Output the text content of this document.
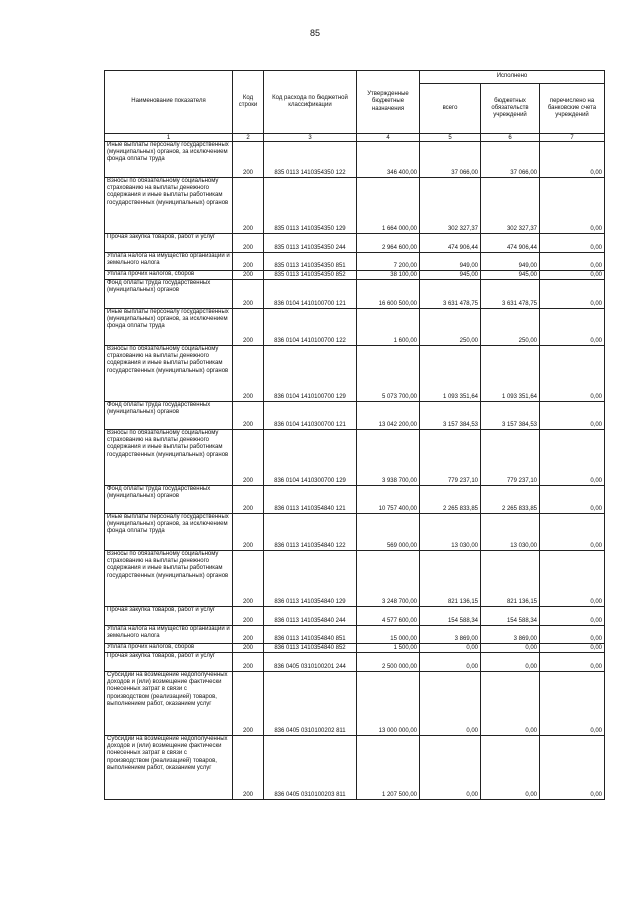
85
Наименование показателя	Код строки	Код расхода по бюджетной классификации	Утвержденные бюджетные назначения	Исполнено		
				всего	бюджетных обязательств учреждений	перечислено на банковские счета учреждений
1	2	3	4	5	6	7
Иные выплаты персоналу государственных (муниципальных) органов, за исключением фонда оплаты труда	200	835 0113 1410354350 122	346 400,00	37 066,00	37 066,00	0,00
Взносы по обязательному социальному страхованию на выплаты денежного содержания и иные выплаты работникам государственных (муниципальных) органов	200	835 0113 1410354350 129	1 664 000,00	302 327,37	302 327,37	0,00
Прочая закупка товаров, работ и услуг	200	835 0113 1410354350 244	2 964 600,00	474 906,44	474 906,44	0,00
Уплата налога на имущество организаций и земельного налога	200	835 0113 1410354350 851	7 200,00	949,00	949,00	0,00
Уплата прочих налогов, сборов	200	835 0113 1410354350 852	38 100,00	945,00	945,00	0,00
Фонд оплаты труда государственных (муниципальных) органов	200	836 0104 1410100700 121	16 600 500,00	3 631 478,75	3 631 478,75	0,00
Иные выплаты персоналу государственных (муниципальных) органов, за исключением фонда оплаты труда	200	836 0104 1410100700 122	1 600,00	250,00	250,00	0,00
Взносы по обязательному социальному страхованию на выплаты денежного содержания и иные выплаты работникам государственных (муниципальных) органов	200	836 0104 1410100700 129	5 073 700,00	1 093 351,64	1 093 351,64	0,00
Фонд оплаты труда государственных (муниципальных) органов	200	836 0104 1410300700 121	13 042 200,00	3 157 384,53	3 157 384,53	0,00
Взносы по обязательному социальному страхованию на выплаты денежного содержания и иные выплаты работникам государственных (муниципальных) органов	200	836 0104 1410300700 129	3 938 700,00	779 237,10	779 237,10	0,00
Фонд оплаты труда государственных (муниципальных) органов	200	836 0113 1410354840 121	10 757 400,00	2 265 833,85	2 265 833,85	0,00
Иные выплаты персоналу государственных (муниципальных) органов, за исключением фонда оплаты труда	200	836 0113 1410354840 122	569 000,00	13 030,00	13 030,00	0,00
Взносы по обязательному социальному страхованию на выплаты денежного содержания и иные выплаты работникам государственных (муниципальных) органов	200	836 0113 1410354840 129	3 248 700,00	821 136,15	821 136,15	0,00
Прочая закупка товаров, работ и услуг	200	836 0113 1410354840 244	4 577 600,00	154 588,34	154 588,34	0,00
Уплата налога на имущество организаций и земельного налога	200	836 0113 1410354840 851	15 000,00	3 869,00	3 869,00	0,00
Уплата прочих налогов, сборов	200	836 0113 1410354840 852	1 500,00	0,00	0,00	0,00
Прочая закупка товаров, работ и услуг	200	836 0405 0310100201 244	2 500 000,00	0,00	0,00	0,00
Субсидии на возмещение недополученных доходов и (или) возмещение фактически понесенных затрат в связи с производством (реализацией) товаров, выполнением работ, оказанием услуг	200	836 0405 0310100202 811	13 000 000,00	0,00	0,00	0,00
Субсидии на возмещение недополученных доходов и (или) возмещение фактически понесенных затрат в связи с производством (реализацией) товаров, выполнением работ, оказанием услуг	200	836 0405 0310100203 811	1 207 500,00	0,00	0,00	0,00
